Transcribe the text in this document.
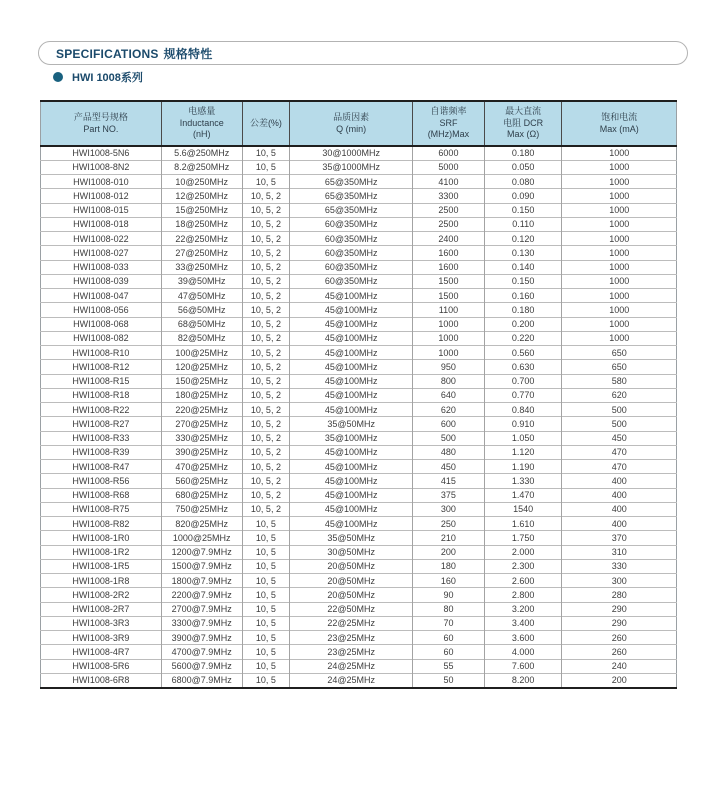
SPECIFICATIONS 规格特性
HWI 1008系列
产品型号规格
Part NO.	电感量
Inductance
(nH)	公差(%)	品质因素
Q (min)	自谐频率
SRF
(MHz)Max	最大直流
电阻 DCR
Max (Ω)	饱和电流
Max (mA)
HWI1008-5N6	5.6@250MHz	10, 5	30@1000MHz	6000	0.180	1000
HWI1008-8N2	8.2@250MHz	10, 5	35@1000MHz	5000	0.050	1000
HWI1008-010	10@250MHz	10, 5	65@350MHz	4100	0.080	1000
HWI1008-012	12@250MHz	10, 5, 2	65@350MHz	3300	0.090	1000
HWI1008-015	15@250MHz	10, 5, 2	65@350MHz	2500	0.150	1000
HWI1008-018	18@250MHz	10, 5, 2	60@350MHz	2500	0.110	1000
HWI1008-022	22@250MHz	10, 5, 2	60@350MHz	2400	0.120	1000
HWI1008-027	27@250MHz	10, 5, 2	60@350MHz	1600	0.130	1000
HWI1008-033	33@250MHz	10, 5, 2	60@350MHz	1600	0.140	1000
HWI1008-039	39@50MHz	10, 5, 2	60@350MHz	1500	0.150	1000
HWI1008-047	47@50MHz	10, 5, 2	45@100MHz	1500	0.160	1000
HWI1008-056	56@50MHz	10, 5, 2	45@100MHz	1100	0.180	1000
HWI1008-068	68@50MHz	10, 5, 2	45@100MHz	1000	0.200	1000
HWI1008-082	82@50MHz	10, 5, 2	45@100MHz	1000	0.220	1000
HWI1008-R10	100@25MHz	10, 5, 2	45@100MHz	1000	0.560	650
HWI1008-R12	120@25MHz	10, 5, 2	45@100MHz	950	0.630	650
HWI1008-R15	150@25MHz	10, 5, 2	45@100MHz	800	0.700	580
HWI1008-R18	180@25MHz	10, 5, 2	45@100MHz	640	0.770	620
HWI1008-R22	220@25MHz	10, 5, 2	45@100MHz	620	0.840	500
HWI1008-R27	270@25MHz	10, 5, 2	35@50MHz	600	0.910	500
HWI1008-R33	330@25MHz	10, 5, 2	35@100MHz	500	1.050	450
HWI1008-R39	390@25MHz	10, 5, 2	45@100MHz	480	1.120	470
HWI1008-R47	470@25MHz	10, 5, 2	45@100MHz	450	1.190	470
HWI1008-R56	560@25MHz	10, 5, 2	45@100MHz	415	1.330	400
HWI1008-R68	680@25MHz	10, 5, 2	45@100MHz	375	1.470	400
HWI1008-R75	750@25MHz	10, 5, 2	45@100MHz	300	1540	400
HWI1008-R82	820@25MHz	10, 5	45@100MHz	250	1.610	400
HWI1008-1R0	1000@25MHz	10, 5	35@50MHz	210	1.750	370
HWI1008-1R2	1200@7.9MHz	10, 5	30@50MHz	200	2.000	310
HWI1008-1R5	1500@7.9MHz	10, 5	20@50MHz	180	2.300	330
HWI1008-1R8	1800@7.9MHz	10, 5	20@50MHz	160	2.600	300
HWI1008-2R2	2200@7.9MHz	10, 5	20@50MHz	90	2.800	280
HWI1008-2R7	2700@7.9MHz	10, 5	22@50MHz	80	3.200	290
HWI1008-3R3	3300@7.9MHz	10, 5	22@25MHz	70	3.400	290
HWI1008-3R9	3900@7.9MHz	10, 5	23@25MHz	60	3.600	260
HWI1008-4R7	4700@7.9MHz	10, 5	23@25MHz	60	4.000	260
HWI1008-5R6	5600@7.9MHz	10, 5	24@25MHz	55	7.600	240
HWI1008-6R8	6800@7.9MHz	10, 5	24@25MHz	50	8.200	200
